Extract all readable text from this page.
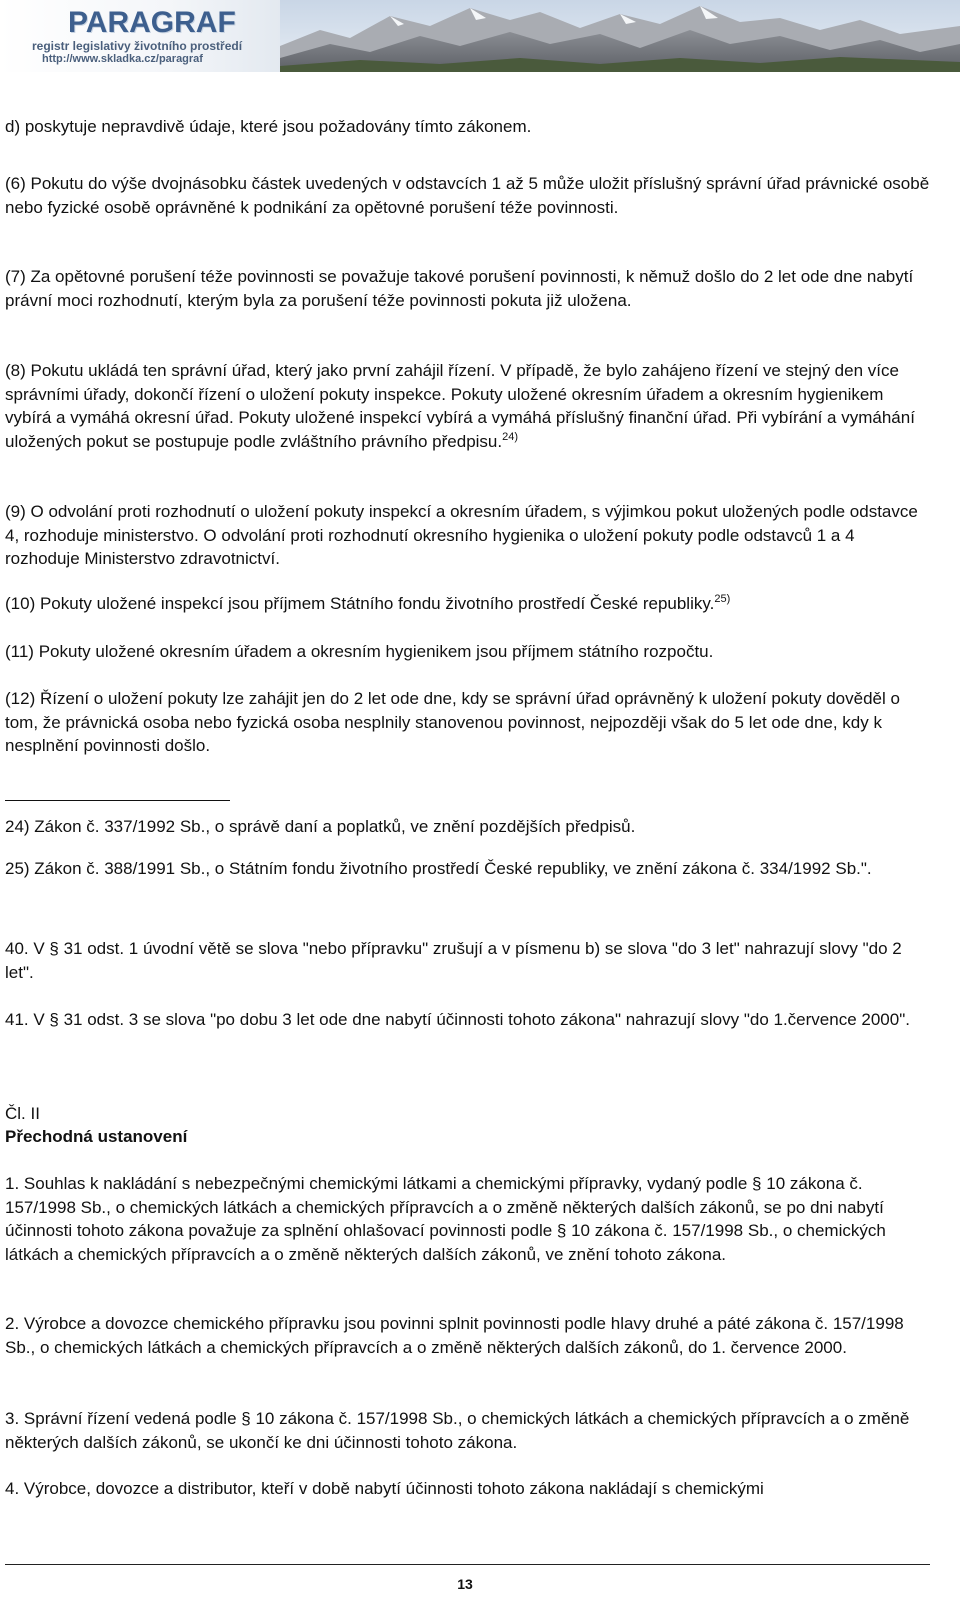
PARAGRAF
registr legislativy životního prostředí
http://www.skladka.cz/paragraf

d) poskytuje nepravdivě údaje, které jsou požadovány tímto zákonem.

(6) Pokutu do výše dvojnásobku částek uvedených v odstavcích 1 až 5 může uložit příslušný správní úřad právnické osobě nebo fyzické osobě oprávněné k podnikání za opětovné porušení téže povinnosti.

(7) Za opětovné porušení téže povinnosti se považuje takové porušení povinnosti, k němuž došlo do 2 let ode dne nabytí právní moci rozhodnutí, kterým byla za porušení téže povinnosti pokuta již uložena.

(8) Pokutu ukládá ten správní úřad, který jako první zahájil řízení. V případě, že bylo zahájeno řízení ve stejný den více správními úřady, dokončí řízení o uložení pokuty inspekce. Pokuty uložené okresním úřadem a okresním hygienikem vybírá a vymáhá okresní úřad. Pokuty uložené inspekcí vybírá a vymáhá příslušný finanční úřad. Při vybírání a vymáhání uložených pokut se postupuje podle zvláštního právního předpisu.

$^{24)}$

(9) O odvolání proti rozhodnutí o uložení pokuty inspekcí a okresním úřadem, s výjimkou pokut uložených podle odstavce 4, rozhoduje ministerstvo. O odvolání proti rozhodnutí okresního hygienika o uložení pokuty podle odstavců 1 a 4 rozhoduje Ministerstvo zdravotnictví.

(10) Pokuty uložené inspekcí jsou příjmem Státního fondu životního prostředí České republiky.

$^{25)}$

(11) Pokuty uložené okresním úřadem a okresním hygienikem jsou příjmem státního rozpočtu.

(12) Řízení o uložení pokuty lze zahájit jen do 2 let ode dne, kdy se správní úřad oprávněný k uložení pokuty dověděl o tom, že právnická osoba nebo fyzická osoba nesplnily stanovenou povinnost, nejpozději však do 5 let ode dne, kdy k nesplnění povinnosti došlo.

24) Zákon č. 337/1992 Sb., o správě daní a poplatků, ve znění pozdějších předpisů.

25) Zákon č. 388/1991 Sb., o Státním fondu životního prostředí České republiky, ve znění zákona č. 334/1992 Sb.".

40. V § 31 odst. 1 úvodní větě se slova "nebo přípravku" zrušují a v písmenu b) se slova "do 3 let" nahrazují slovy "do 2 let".

41. V § 31 odst. 3 se slova "po dobu 3 let ode dne nabytí účinnosti tohoto zákona" nahrazují slovy "do 1.července 2000".

Čl. II

Přechodná ustanovení

1. Souhlas k nakládání s nebezpečnými chemickými látkami a chemickými přípravky, vydaný podle § 10 zákona č. 157/1998 Sb., o chemických látkách a chemických přípravcích a o změně některých dalších zákonů, se po dni nabytí účinnosti tohoto zákona považuje za splnění ohlašovací povinnosti podle § 10 zákona č. 157/1998 Sb., o chemických látkách a chemických přípravcích a o změně některých dalších zákonů, ve znění tohoto zákona.

2. Výrobce a dovozce chemického přípravku jsou povinni splnit povinnosti podle hlavy druhé a páté zákona č. 157/1998 Sb., o chemických látkách a chemických přípravcích a o změně některých dalších zákonů, do 1. července 2000.

3. Správní řízení vedená podle § 10 zákona č. 157/1998 Sb., o chemických látkách a chemických přípravcích a o změně některých dalších zákonů, se ukončí ke dni účinnosti tohoto zákona.

4. Výrobce, dovozce a distributor, kteří v době nabytí účinnosti tohoto zákona nakládají s chemickými

13
